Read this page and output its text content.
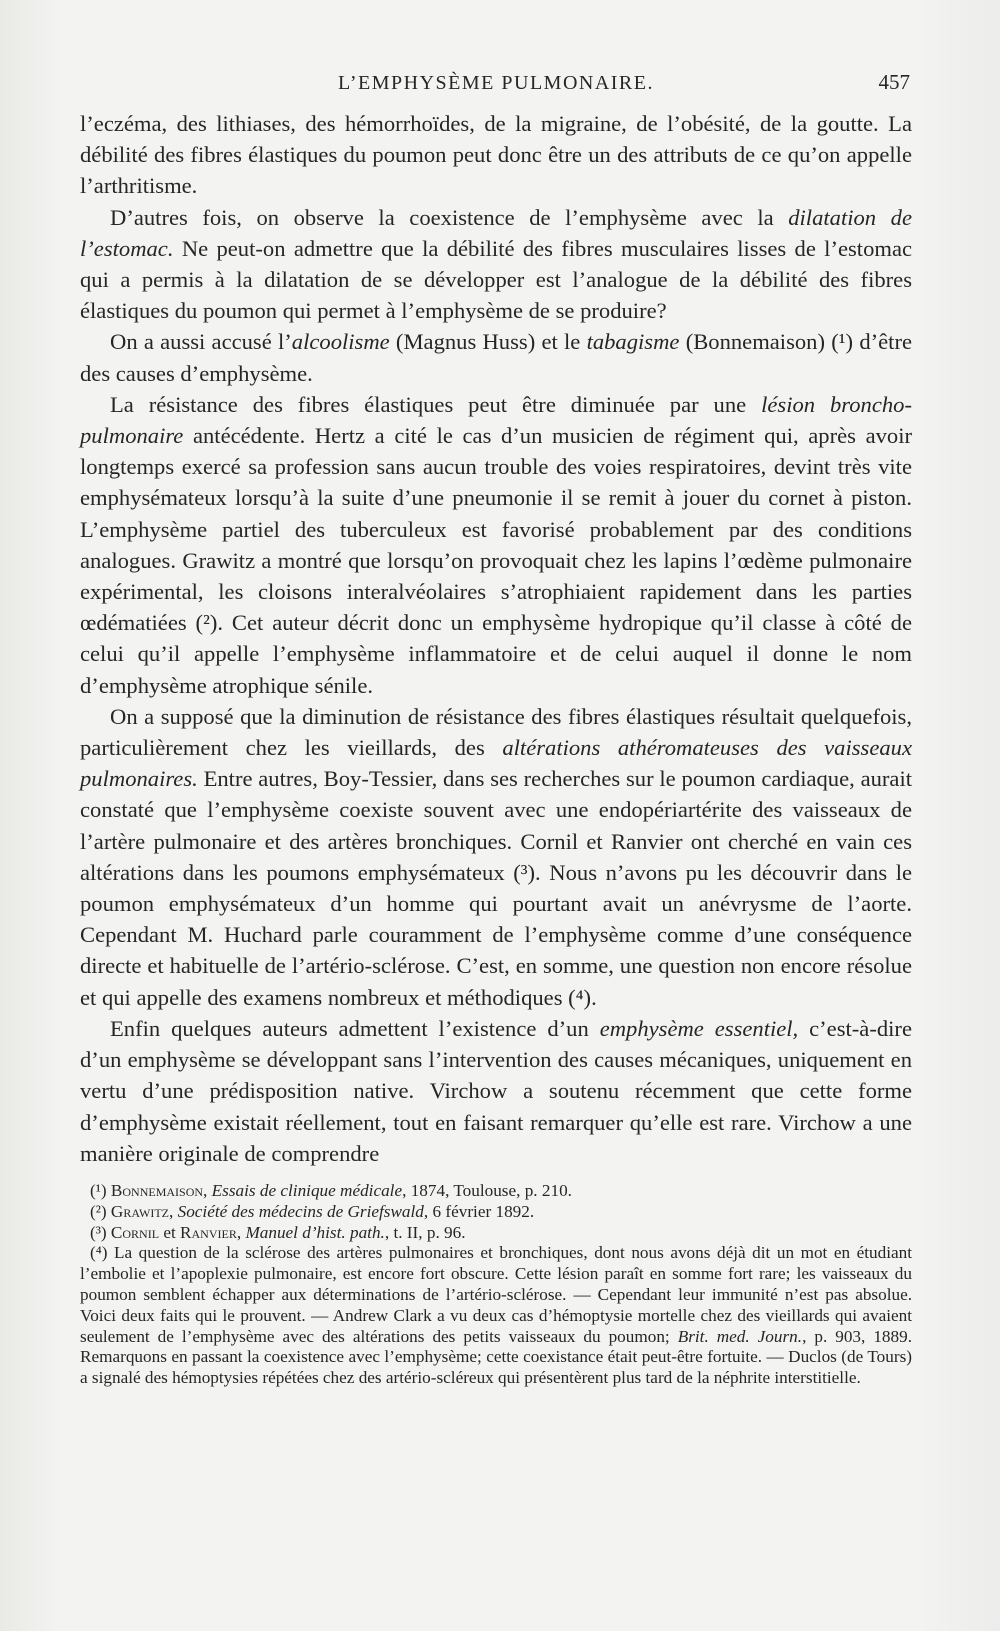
L’EMPHYSÈME PULMONAIRE.	457

l’eczéma, des lithiases, des hémorrhoïdes, de la migraine, de l’obésité, de la goutte. La débilité des fibres élastiques du poumon peut donc être un des attributs de ce qu’on appelle l’arthritisme.

D’autres fois, on observe la coexistence de l’emphysème avec la dilatation de l’estomac. Ne peut-on admettre que la débilité des fibres musculaires lisses de l’estomac qui a permis à la dilatation de se développer est l’analogue de la débilité des fibres élastiques du poumon qui permet à l’emphysème de se produire?

On a aussi accusé l’alcoolisme (Magnus Huss) et le tabagisme (Bonnemaison) (¹) d’être des causes d’emphysème.

La résistance des fibres élastiques peut être diminuée par une lésion broncho-pulmonaire antécédente. Hertz a cité le cas d’un musicien de régiment qui, après avoir longtemps exercé sa profession sans aucun trouble des voies respiratoires, devint très vite emphysémateux lorsqu’à la suite d’une pneumonie il se remit à jouer du cornet à piston. L’emphysème partiel des tuberculeux est favorisé probablement par des conditions analogues. Grawitz a montré que lorsqu’on provoquait chez les lapins l’œdème pulmonaire expérimental, les cloisons interalvéolaires s’atrophiaient rapidement dans les parties œdématiées (²). Cet auteur décrit donc un emphysème hydropique qu’il classe à côté de celui qu’il appelle l’emphysème inflammatoire et de celui auquel il donne le nom d’emphysème atrophique sénile.

On a supposé que la diminution de résistance des fibres élastiques résultait quelquefois, particulièrement chez les vieillards, des altérations athéromateuses des vaisseaux pulmonaires. Entre autres, Boy-Tessier, dans ses recherches sur le poumon cardiaque, aurait constaté que l’emphysème coexiste souvent avec une endopériartérite des vaisseaux de l’artère pulmonaire et des artères bronchiques. Cornil et Ranvier ont cherché en vain ces altérations dans les poumons emphysémateux (³). Nous n’avons pu les découvrir dans le poumon emphysémateux d’un homme qui pourtant avait un anévrysme de l’aorte. Cependant M. Huchard parle couramment de l’emphysème comme d’une conséquence directe et habituelle de l’artério-sclérose. C’est, en somme, une question non encore résolue et qui appelle des examens nombreux et méthodiques (⁴).

Enfin quelques auteurs admettent l’existence d’un emphysème essentiel, c’est-à-dire d’un emphysème se développant sans l’intervention des causes mécaniques, uniquement en vertu d’une prédisposition native. Virchow a soutenu récemment que cette forme d’emphysème existait réellement, tout en faisant remarquer qu’elle est rare. Virchow a une manière originale de comprendre

(¹) Bonnemaison, Essais de clinique médicale, 1874, Toulouse, p. 210.

(²) Grawitz, Société des médecins de Griefswald, 6 février 1892.

(³) Cornil et Ranvier, Manuel d’hist. path., t. II, p. 96.

(⁴) La question de la sclérose des artères pulmonaires et bronchiques, dont nous avons déjà dit un mot en étudiant l’embolie et l’apoplexie pulmonaire, est encore fort obscure. Cette lésion paraît en somme fort rare; les vaisseaux du poumon semblent échapper aux déterminations de l’artério-sclérose. — Cependant leur immunité n’est pas absolue. Voici deux faits qui le prouvent. — Andrew Clark a vu deux cas d’hémoptysie mortelle chez des vieillards qui avaient seulement de l’emphysème avec des altérations des petits vaisseaux du poumon; Brit. med. Journ., p. 903, 1889. Remarquons en passant la coexistence avec l’emphysème; cette coexistance était peut-être fortuite. — Duclos (de Tours) a signalé des hémoptysies répétées chez des artério-scléreux qui présentèrent plus tard de la néphrite interstitielle.
